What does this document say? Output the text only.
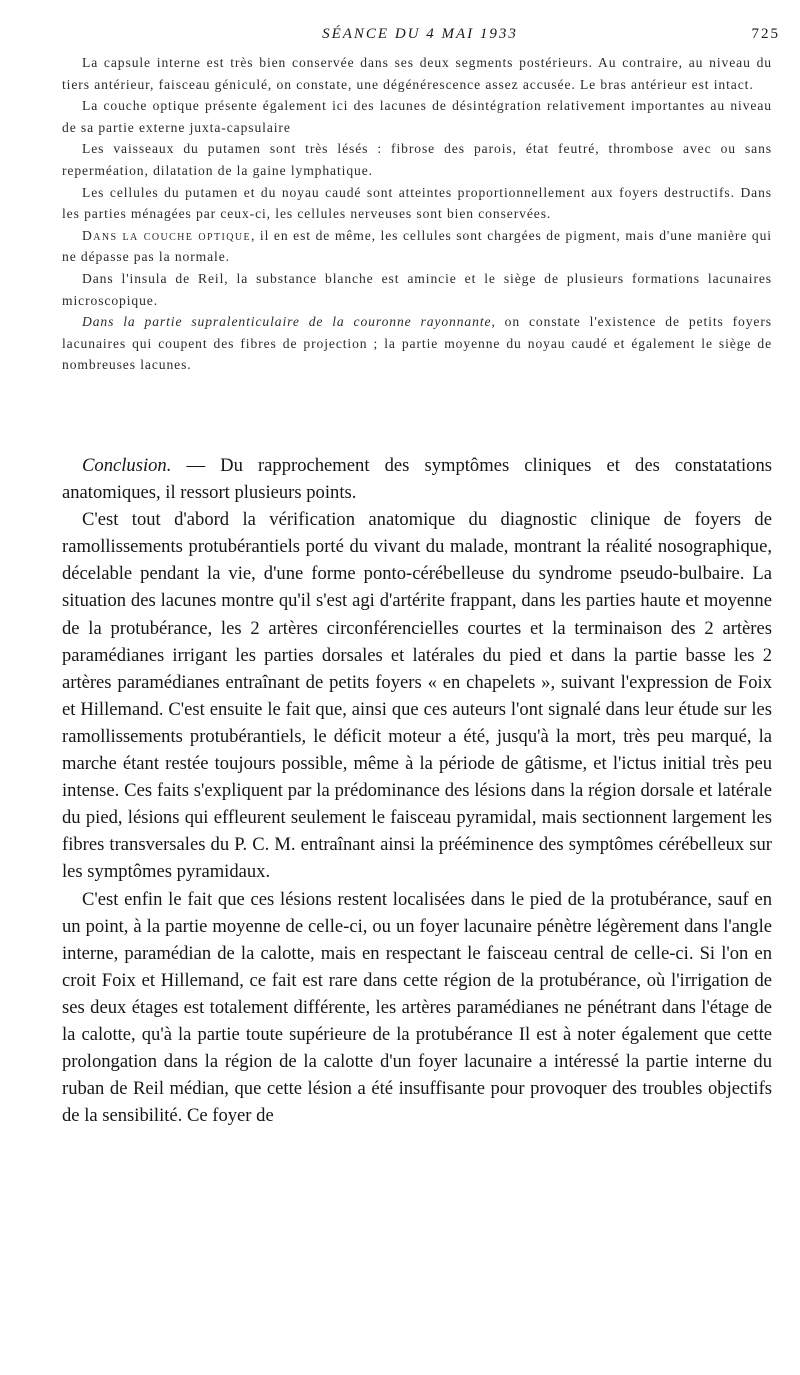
SÉANCE DU 4 MAI 1933	725

La capsule interne est très bien conservée dans ses deux segments postérieurs. Au contraire, au niveau du tiers antérieur, faisceau géniculé, on constate, une dégénérescence assez accusée. Le bras antérieur est intact.

La couche optique présente également ici des lacunes de désintégration relativement importantes au niveau de sa partie externe juxta-capsulaire

Les vaisseaux du putamen sont très lésés : fibrose des parois, état feutré, thrombose avec ou sans reperméation, dilatation de la gaine lymphatique.

Les cellules du putamen et du noyau caudé sont atteintes proportionnellement aux foyers destructifs. Dans les parties ménagées par ceux-ci, les cellules nerveuses sont bien conservées.

Dans la couche optique, il en est de même, les cellules sont chargées de pigment, mais d'une manière qui ne dépasse pas la normale.

Dans l'insula de Reil, la substance blanche est amincie et le siège de plusieurs formations lacunaires microscopique.

Dans la partie supralenticulaire de la couronne rayonnante, on constate l'existence de petits foyers lacunaires qui coupent des fibres de projection ; la partie moyenne du noyau caudé et également le siège de nombreuses lacunes.

Conclusion. — Du rapprochement des symptômes cliniques et des constatations anatomiques, il ressort plusieurs points.

C'est tout d'abord la vérification anatomique du diagnostic clinique de foyers de ramollissements protubérantiels porté du vivant du malade, montrant la réalité nosographique, décelable pendant la vie, d'une forme ponto-cérébelleuse du syndrome pseudo-bulbaire. La situation des lacunes montre qu'il s'est agi d'artérite frappant, dans les parties haute et moyenne de la protubérance, les 2 artères circonférencielles courtes et la terminaison des 2 artères paramédianes irrigant les parties dorsales et latérales du pied et dans la partie basse les 2 artères paramédianes entraînant de petits foyers « en chapelets », suivant l'expression de Foix et Hillemand. C'est ensuite le fait que, ainsi que ces auteurs l'ont signalé dans leur étude sur les ramollissements protubérantiels, le déficit moteur a été, jusqu'à la mort, très peu marqué, la marche étant restée toujours possible, même à la période de gâtisme, et l'ictus initial très peu intense. Ces faits s'expliquent par la prédominance des lésions dans la région dorsale et latérale du pied, lésions qui effleurent seulement le faisceau pyramidal, mais sectionnent largement les fibres transversales du P. C. M. entraînant ainsi la prééminence des symptômes cérébelleux sur les symptômes pyramidaux.

C'est enfin le fait que ces lésions restent localisées dans le pied de la protubérance, sauf en un point, à la partie moyenne de celle-ci, ou un foyer lacunaire pénètre légèrement dans l'angle interne, paramédian de la calotte, mais en respectant le faisceau central de celle-ci. Si l'on en croit Foix et Hillemand, ce fait est rare dans cette région de la protubérance, où l'irrigation de ses deux étages est totalement différente, les artères paramédianes ne pénétrant dans l'étage de la calotte, qu'à la partie toute supérieure de la protubérance Il est à noter également que cette prolongation dans la région de la calotte d'un foyer lacunaire a intéressé la partie interne du ruban de Reil médian, que cette lésion a été insuffisante pour provoquer des troubles objectifs de la sensibilité. Ce foyer de
